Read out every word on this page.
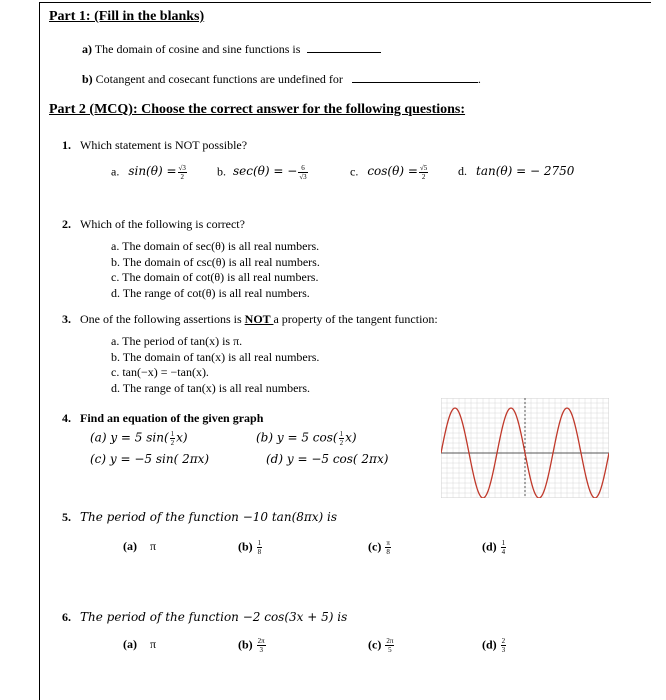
Part 1: (Fill in the blanks)
a) The domain of cosine and sine functions is
b) Cotangent and cosecant functions are undefined for	.
Part 2 (MCQ): Choose the correct answer for the following questions:
1. Which statement is NOT possible?
a. $\sin(\theta) = \frac{√3}{2}$	b. sec(θ) = − $\frac{6}{√3}$	c. $\cos(\theta) = \frac{√5}{2} d$. tan(θ) = − 2750
2. Which of the following is correct?
a. The domain of sec(θ) is all real numbers.
b. The domain of csc(θ) is all real numbers.
c. The domain of cot(θ) is all real numbers.
d. The range of cot(θ) is all real numbers.
3. One of the following assertions is NOT a property of the tangent function:
a. The period of tan(x) is π.
b. The domain of tan(x) is all real numbers.
c. tan(−x) = −tan(x).
d. The range of tan(x) is all real numbers.
4. Find an equation of the given graph
(a) y = 5 $\sin( \frac{1}{2} x)$	(b) y = 5 $\cos( \frac{1}{2} x)$
(c) y = −5 sin( 2πx)	(d) y = −5 cos( 2πx)
5. The period of the function −10 tan(8πx) is
(a) π	$(b) \frac{1}{8}$	$(c) \frac{\pi}{8}$	$(d) \frac{1}{4}$
6. The period of the function −2 cos(3x + 5) is
(a) π	$(b) \frac{2\pi}{3}$	$(c) \frac{2\pi}{5}$	$(d) \frac{2}{3}$
